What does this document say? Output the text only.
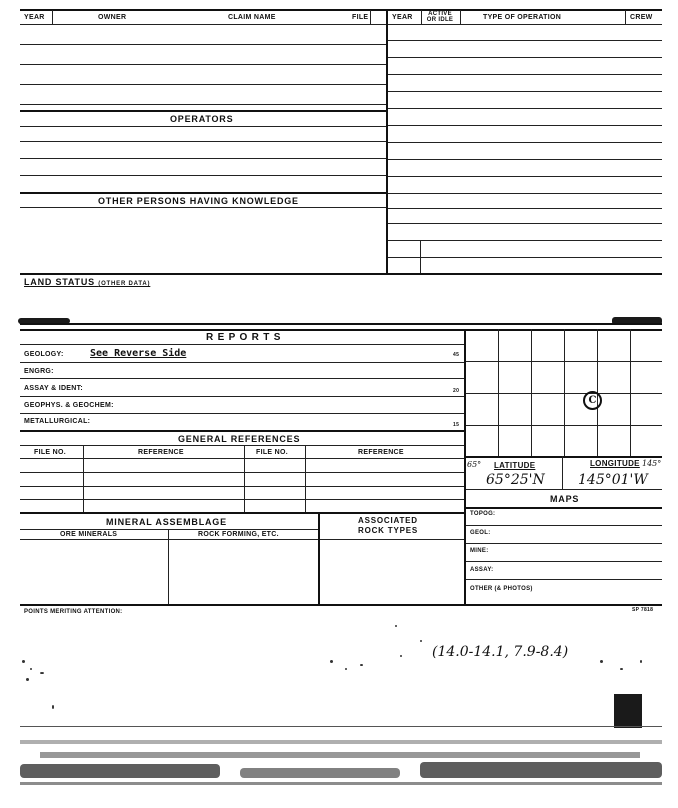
YEAR	OWNER	CLAIM NAME	FILE	YEAR	ACTIVE OR IDLE	TYPE OF OPERATION	CREW
OPERATORS
OTHER PERSONS HAVING KNOWLEDGE
LAND STATUS (OTHER DATA)
R E P O R T S
GEOLOGY:	See Reverse Side	45
ENGRG:
ASSAY & IDENT:	20
GEOPHYS. & GEOCHEM:
METALLURGICAL:	15
GENERAL REFERENCES
FILE NO.	REFERENCE	FILE NO.	REFERENCE
MINERAL ASSEMBLAGE
ORE MINERALS	ROCK FORMING, ETC.
ASSOCIATED
ROCK TYPES
C
65° LATITUDE	LONGITUDE 145°
65°25'N 145°01'W
MAPS
TOPOG:
GEOL:
MINE:
ASSAY:
OTHER (& PHOTOS)
POINTS MERITING ATTENTION:	SP 7818
(14.0-14.1, 7.9-8.4)
